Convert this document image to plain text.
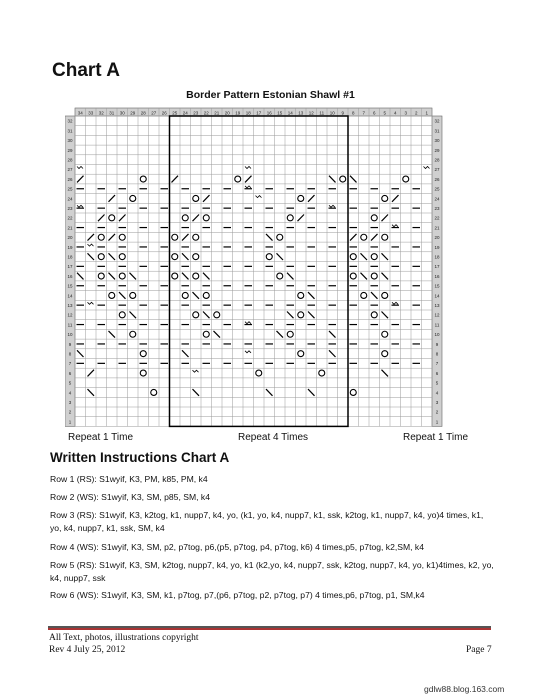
Chart A
Border Pattern Estonian Shawl #1
34 33 32 31 30 29 28 27 26 25 24 23 22 21 20 19 18 17 16 15 14 13 12 11 10 9 8 7 6 5 4 3 2 1
32	32
31	31
30	30
29	29
28	28
27	27
26	26
25	25
24	24
23	23
22	22
21	21
20	20
19	19
18	18
17	17
16	16
15	15
14	14
13	13
12	12
11	11
10	10
9	9
8	8
7	7
6	6
5	5
4	4
3	3
2	2
1	1
Repeat 1 Time	Repeat 4 Times	Repeat 1 Time
Written Instructions Chart A
Row 1 (RS): S1wyif, K3, PM, k85, PM, k4
Row 2 (WS): S1wyif, K3, SM, p85, SM, k4
Row 3 (RS): S1wyif, K3, k2tog, k1, nupp7, k4, yo, (k1, yo, k4, nupp7, k1, ssk, k2tog, k1, nupp7, k4, yo)4 times, k1, yo, k4, nupp7, k1, ssk, SM, k4
Row 4 (WS): S1wyif, K3, SM, p2, p7tog, p6,(p5, p7tog, p4, p7tog, k6) 4 times,p5, p7tog, k2,SM, k4
Row 5 (RS): S1wyif, K3, SM, k2tog, nupp7, k4, yo, k1 (k2,yo, k4, nupp7, ssk, k2tog, nupp7, k4, yo, k1)4times, k2, yo, k4, nupp7, ssk
Row 6 (WS): S1wyif, K3, SM, k1, p7tog, p7,(p6, p7tog, p2, p7tog, p7) 4 times,p6, p7tog, p1, SM,k4
All Text, photos, illustrations copyright
Rev 4 July 25, 2012	Page 7
gdlw88.blog.163.com
